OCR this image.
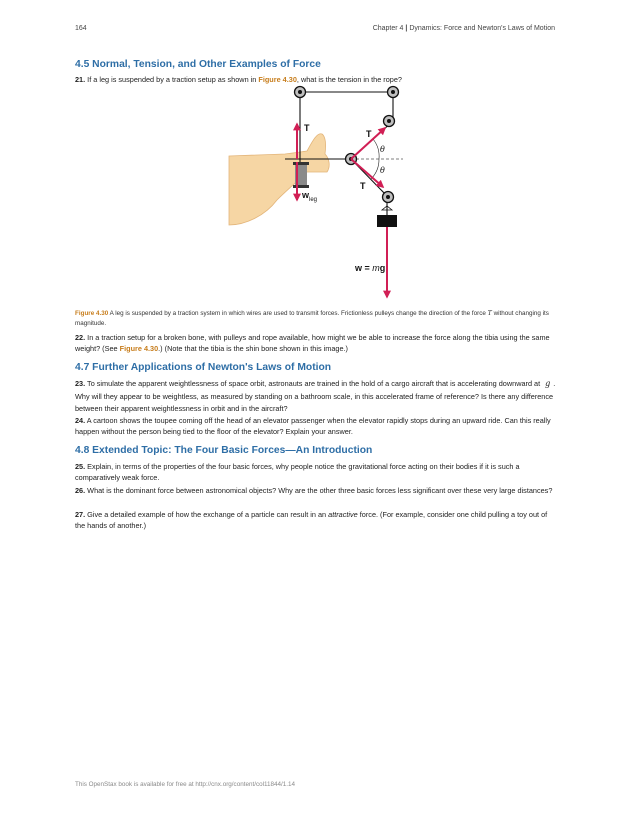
164	Chapter 4 | Dynamics: Force and Newton's Laws of Motion
4.5 Normal, Tension, and Other Examples of Force
21. If a leg is suspended by a traction setup as shown in Figure 4.30, what is the tension in the rope?
T
T
T
$w_{leg}$
w = mg
θ
θ
Figure 4.30 A leg is suspended by a traction system in which wires are used to transmit forces. Frictionless pulleys change the direction of the force T without changing its magnitude.
22. In a traction setup for a broken bone, with pulleys and rope available, how might we be able to increase the force along the tibia using the same weight? (See Figure 4.30.) (Note that the tibia is the shin bone shown in this image.)
4.7 Further Applications of Newton's Laws of Motion
23. To simulate the apparent weightlessness of space orbit, astronauts are trained in the hold of a cargo aircraft that is accelerating downward at g . Why will they appear to be weightless, as measured by standing on a bathroom scale, in this accelerated frame of reference? Is there any difference between their apparent weightlessness in orbit and in the aircraft?
24. A cartoon shows the toupee coming off the head of an elevator passenger when the elevator rapidly stops during an upward ride. Can this really happen without the person being tied to the floor of the elevator? Explain your answer.
4.8 Extended Topic: The Four Basic Forces—An Introduction
25. Explain, in terms of the properties of the four basic forces, why people notice the gravitational force acting on their bodies if it is such a comparatively weak force.
26. What is the dominant force between astronomical objects? Why are the other three basic forces less significant over these very large distances?
27. Give a detailed example of how the exchange of a particle can result in an attractive force. (For example, consider one child pulling a toy out of the hands of another.)
This OpenStax book is available for free at http://cnx.org/content/col11844/1.14
